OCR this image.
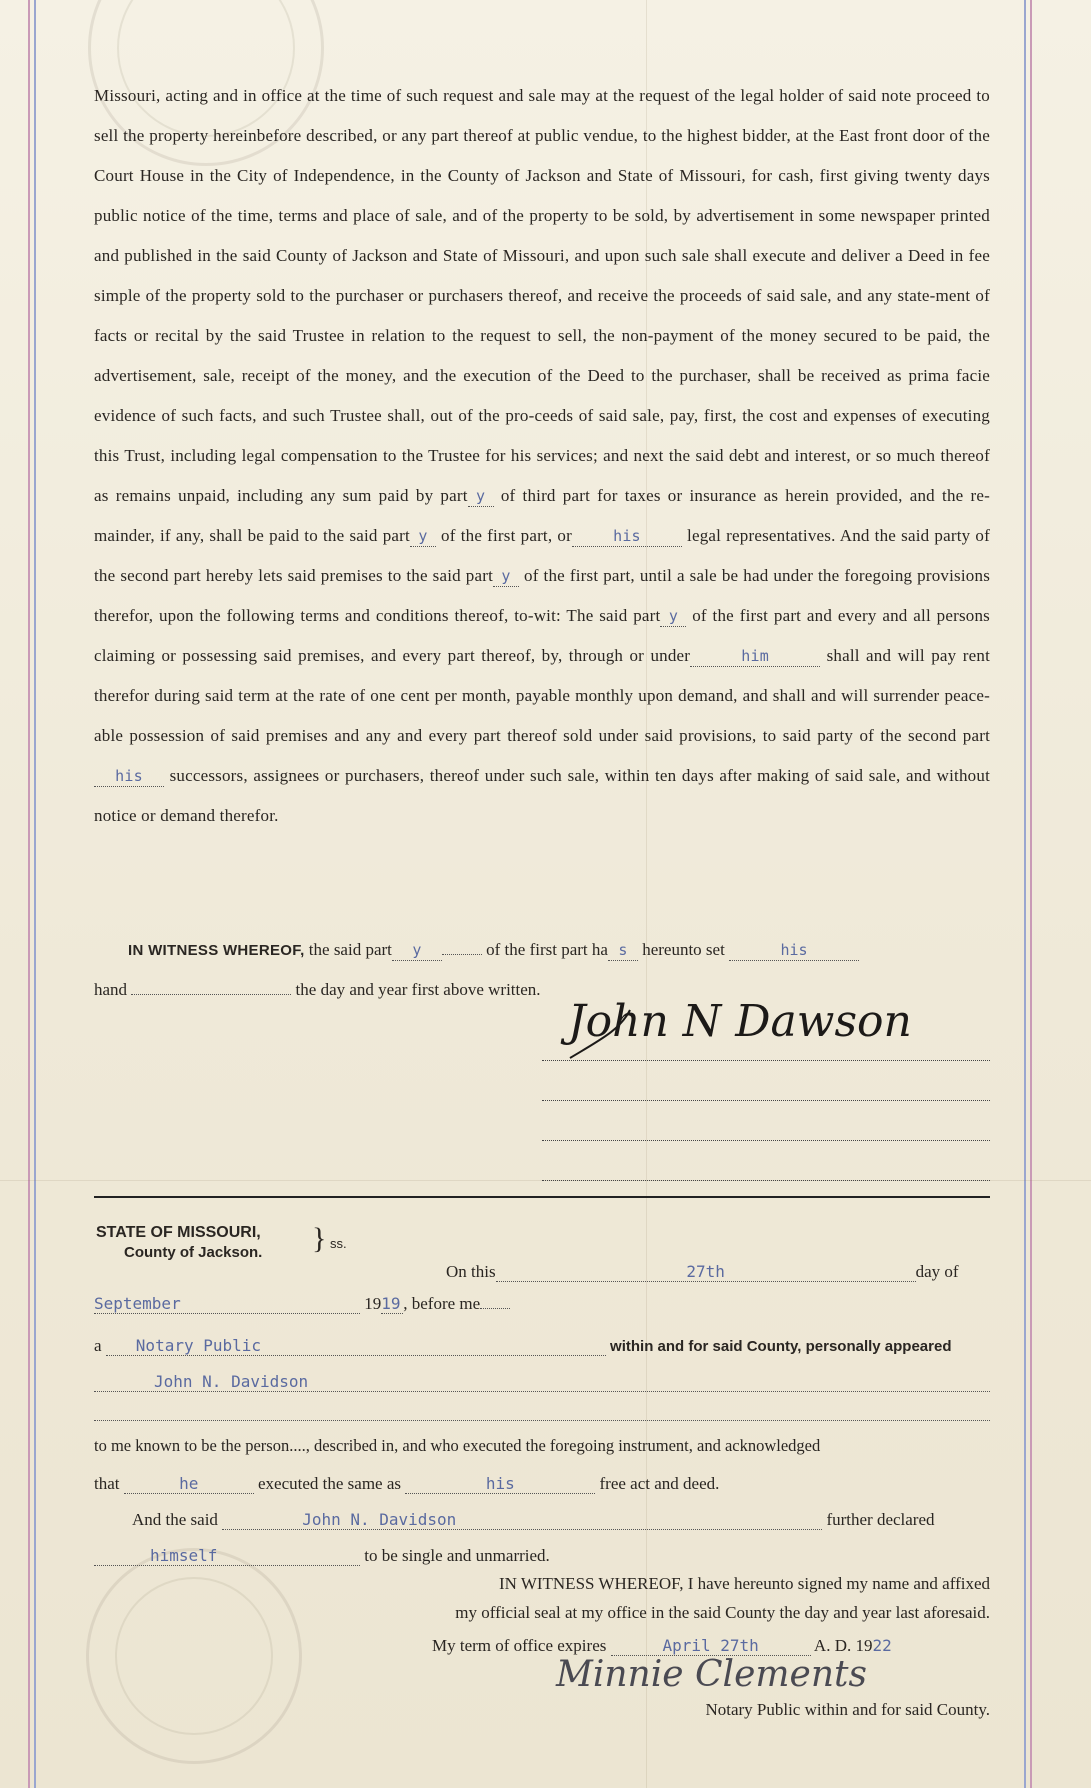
Missouri, acting and in office at the time of such request and sale may at the request of the legal holder of said note proceed to sell the property hereinbefore described, or any part thereof at public vendue, to the highest bidder, at the East front door of the Court House in the City of Independence, in the County of Jackson and State of Missouri, for cash, first giving twenty days public notice of the time, terms and place of sale, and of the property to be sold, by advertisement in some newspaper printed and published in the said County of Jackson and State of Missouri, and upon such sale shall execute and deliver a Deed in fee simple of the property sold to the purchaser or purchasers thereof, and receive the proceeds of said sale, and any state-ment of facts or recital by the said Trustee in relation to the request to sell, the non-payment of the money secured to be paid, the advertisement, sale, receipt of the money, and the execution of the Deed to the purchaser, shall be received as prima facie evidence of such facts, and such Trustee shall, out of the pro-ceeds of said sale, pay, first, the cost and expenses of executing this Trust, including legal compensation to the Trustee for his services; and next the said debt and interest, or so much thereof as remains unpaid, including any sum paid by part y of third part for taxes or insurance as herein provided, and the re-mainder, if any, shall be paid to the said part y of the first part, or	his	legal representatives. And the said party of the second part hereby lets said premises to the said part y of the first part, until a sale be had under the foregoing provisions therefor, upon the following terms and conditions thereof, to-wit: The said part y of the first part and every and all persons claiming or possessing said premises, and every part thereof, by, through or under	him	shall and will pay rent therefor during said term at the rate of one cent per month, payable monthly upon demand, and shall and will surrender peace-able possession of said premises and any and every part thereof sold under said provisions, to said party of the second parthis successors, assignees or purchasers, thereof under such sale, within ten days after making of said sale, and without notice or demand therefor.

IN WITNESS WHEREOF, the said part y	of the first part ha s hereunto set	his
hand	the day and year first above written.
John N Dawson
STATE OF MISSOURI,
County of Jackson. } ss.
On this	27th	day of
September	1919 , before me
a Notary Public	within and for said County, personally appeared
John N. Davidson
to me known to be the person...., described in, and who executed the foregoing instrument, and acknowledged
that	he	executed the same as	his	free act and deed.
And the said	John N. Davidson	further declared
himself	to be single and unmarried.
IN WITNESS WHEREOF, I have hereunto signed my name and affixed
my official seal at my office in the said County the day and year last aforesaid.
My term of office expires	April 27th	A. D. 1922
Minnie Clements
Notary Public within and for said County.
